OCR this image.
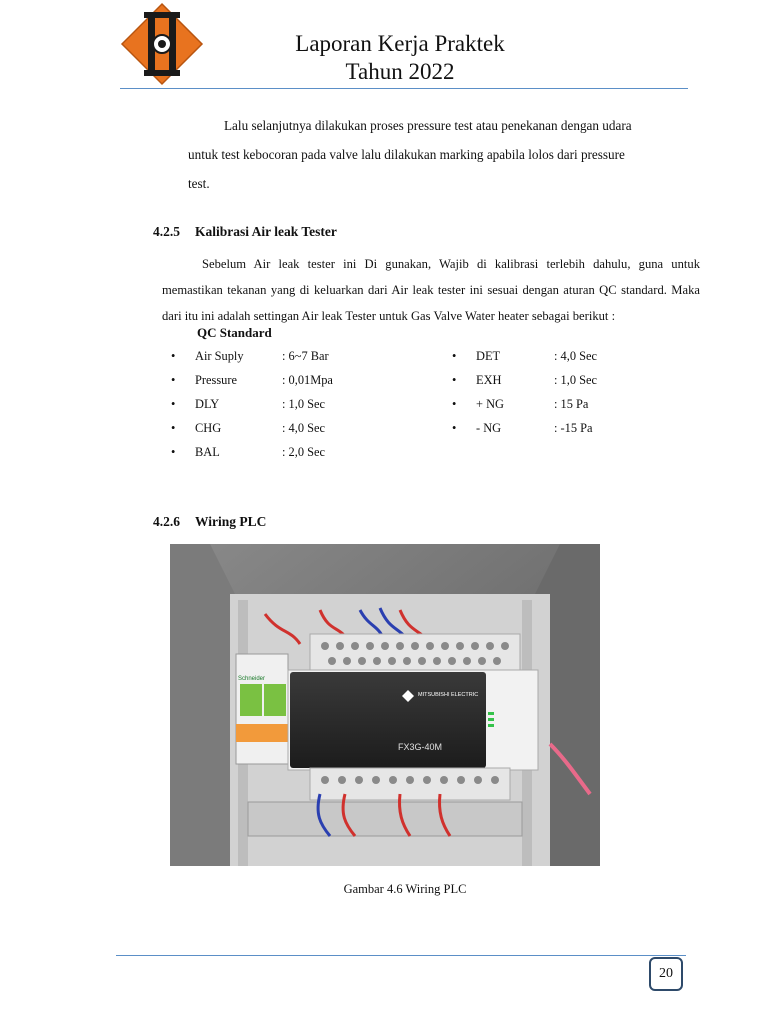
Laporan Kerja Praktek
Tahun 2022
Lalu selanjutnya dilakukan proses pressure test atau penekanan dengan udara
untuk test kebocoran pada valve lalu dilakukan marking apabila lolos dari pressure
test.
4.2.5 Kalibrasi Air leak Tester
Sebelum Air leak tester ini Di gunakan, Wajib di kalibrasi terlebih dahulu, guna untuk
memastikan tekanan yang di keluarkan dari Air leak tester ini sesuai dengan aturan QC standard. Maka
dari itu ini adalah settingan Air leak Tester untuk Gas Valve Water heater sebagai berikut :
QC Standard
• Air Suply	: 6~7 Bar
• Pressure	: 0,01Mpa
• DLY	: 1,0 Sec
• CHG	: 4,0 Sec
• BAL	: 2,0 Sec
• DET	: 4,0 Sec
• EXH	: 1,0 Sec
• + NG	: 15 Pa
• - NG	: -15 Pa
4.2.6 Wiring PLC
Schneider
MITSUBISHI ELECTRIC
FX3G-40M
Gambar 4.6 Wiring PLC
20
